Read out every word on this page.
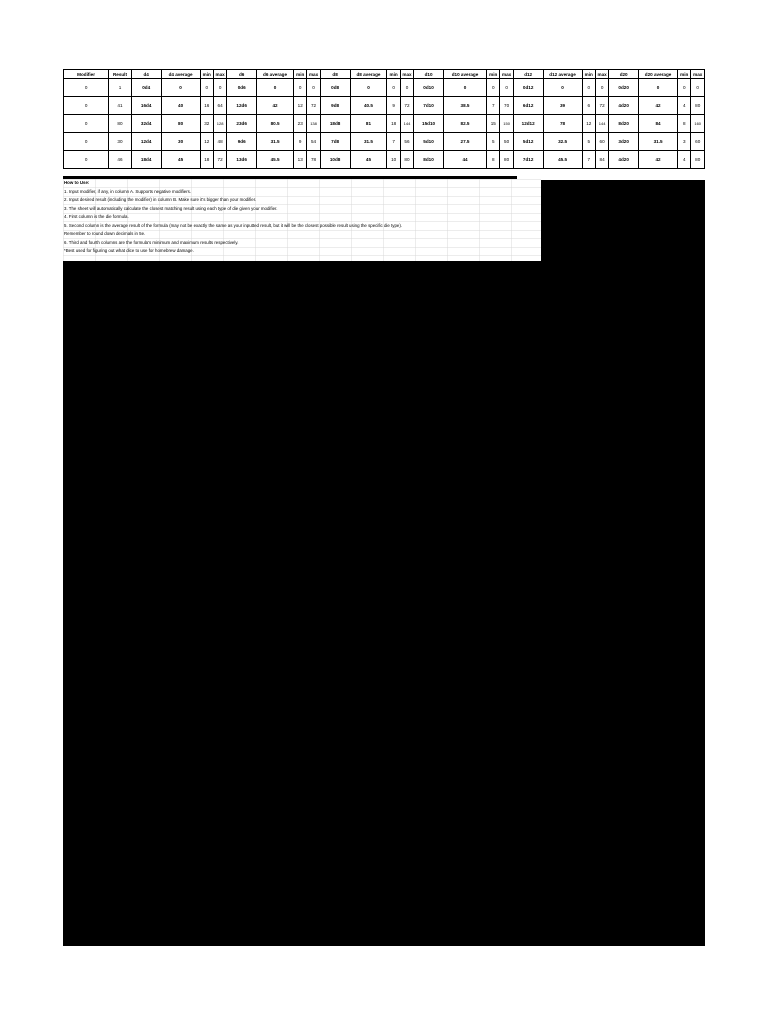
Modifier	Result	d4	d4 average	min	max	d6	d6 average	min	max	d8	d8 average	min	max	d10	d10 average	min	max	d12	d12 average	min	max	d20	d20 average	min	max
0	1	0d4	0	0	0	0d6	0	0	0	0d8	0	0	0	0d10	0	0	0	0d12	0	0	0	0d20	0	0	0
0	41	16d4	40	16	64	12d6	42	12	72	9d8	40.5	9	72	7d10	38.5	7	70	6d12	39	6	72	4d20	42	4	80
0	80	32d4	80	32	128	23d6	80.5	23	138	18d8	81	18	144	15d10	82.5	15	150	12d12	78	12	144	8d20	84	8	160
0	30	12d4	30	12	48	9d6	31.5	9	54	7d8	31.5	7	56	5d10	27.5	5	50	5d12	32.5	5	60	3d20	31.5	3	60
0	46	18d4	45	18	72	13d6	45.5	13	78	10d8	45	10	80	8d10	44	8	80	7d12	45.5	7	84	4d20	42	4	80
How to Use:
1. Input modifier, if any, in column A. Supports negative modifiers.
2. Input desired result (including the modifier) in column B. Make sure it's bigger than your modifier.
3. The sheet will automatically calculate the closest matching result using each type of die given your modifier.
4. First column is the die formula.
5. Second column is the average result of the formula (may not be exactly the same as your inputted result, but it will be the closest possible result using the specific die type).
Remember to round down decimals in 5e.
6. Third and fourth columns are the formula's minimum and maximum results respectively.
*Best used for figuring out what dice to use for homebrew damage.
